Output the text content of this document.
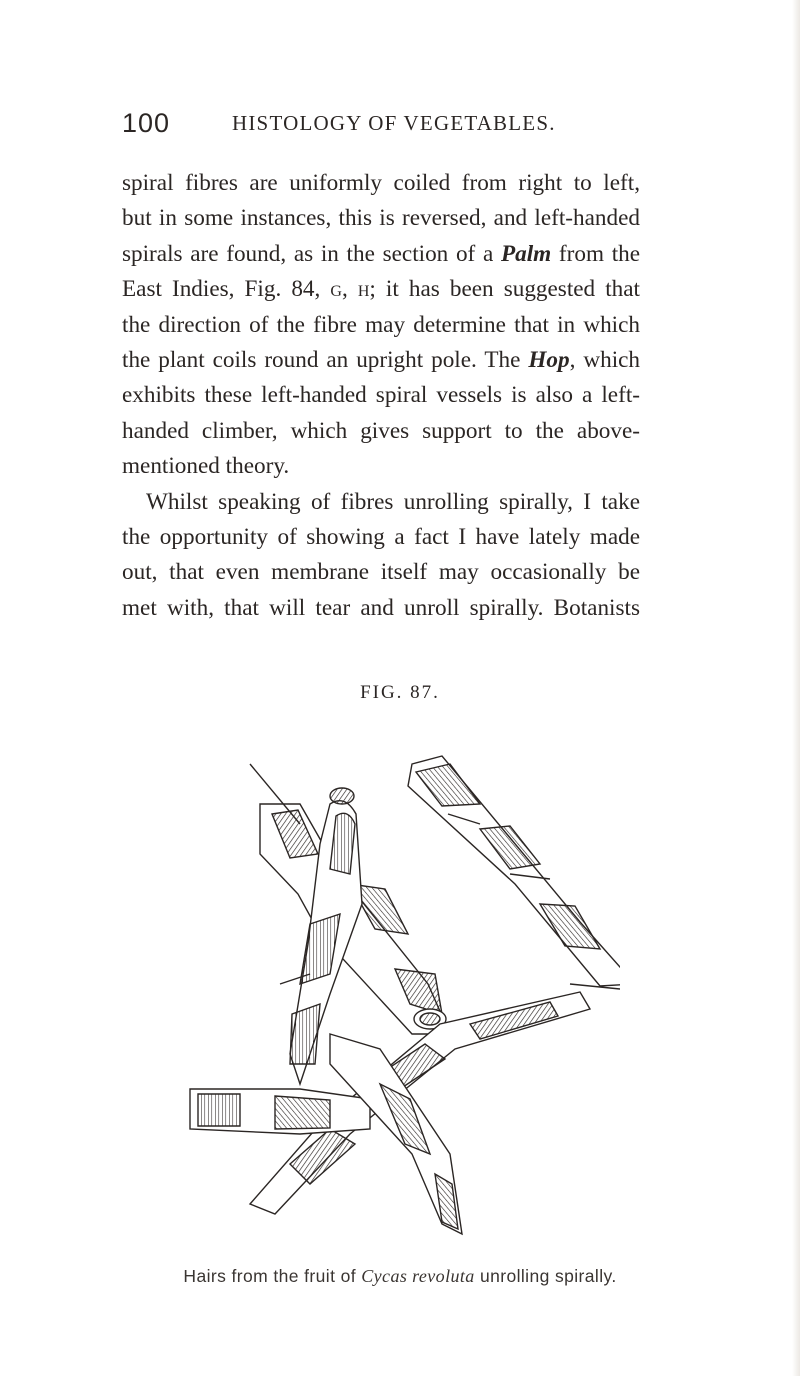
100	HISTOLOGY OF VEGETABLES.
spiral fibres are uniformly coiled from right to left,
but in some instances, this is reversed, and left-handed
spirals are found, as in the section of a Palm from the
East Indies, Fig. 84, g, h; it has been suggested that
the direction of the fibre may determine that in which
the plant coils round an upright pole. The Hop, which
exhibits these left-handed spiral vessels is also a left-
handed climber, which gives support to the above-
mentioned theory.
Whilst speaking of fibres unrolling spirally, I take
the opportunity of showing a fact I have lately made
out, that even membrane itself may occasionally be
met with, that will tear and unroll spirally. Botanists
FIG. 87.
Hairs from the fruit of Cycas revoluta unrolling spirally.
